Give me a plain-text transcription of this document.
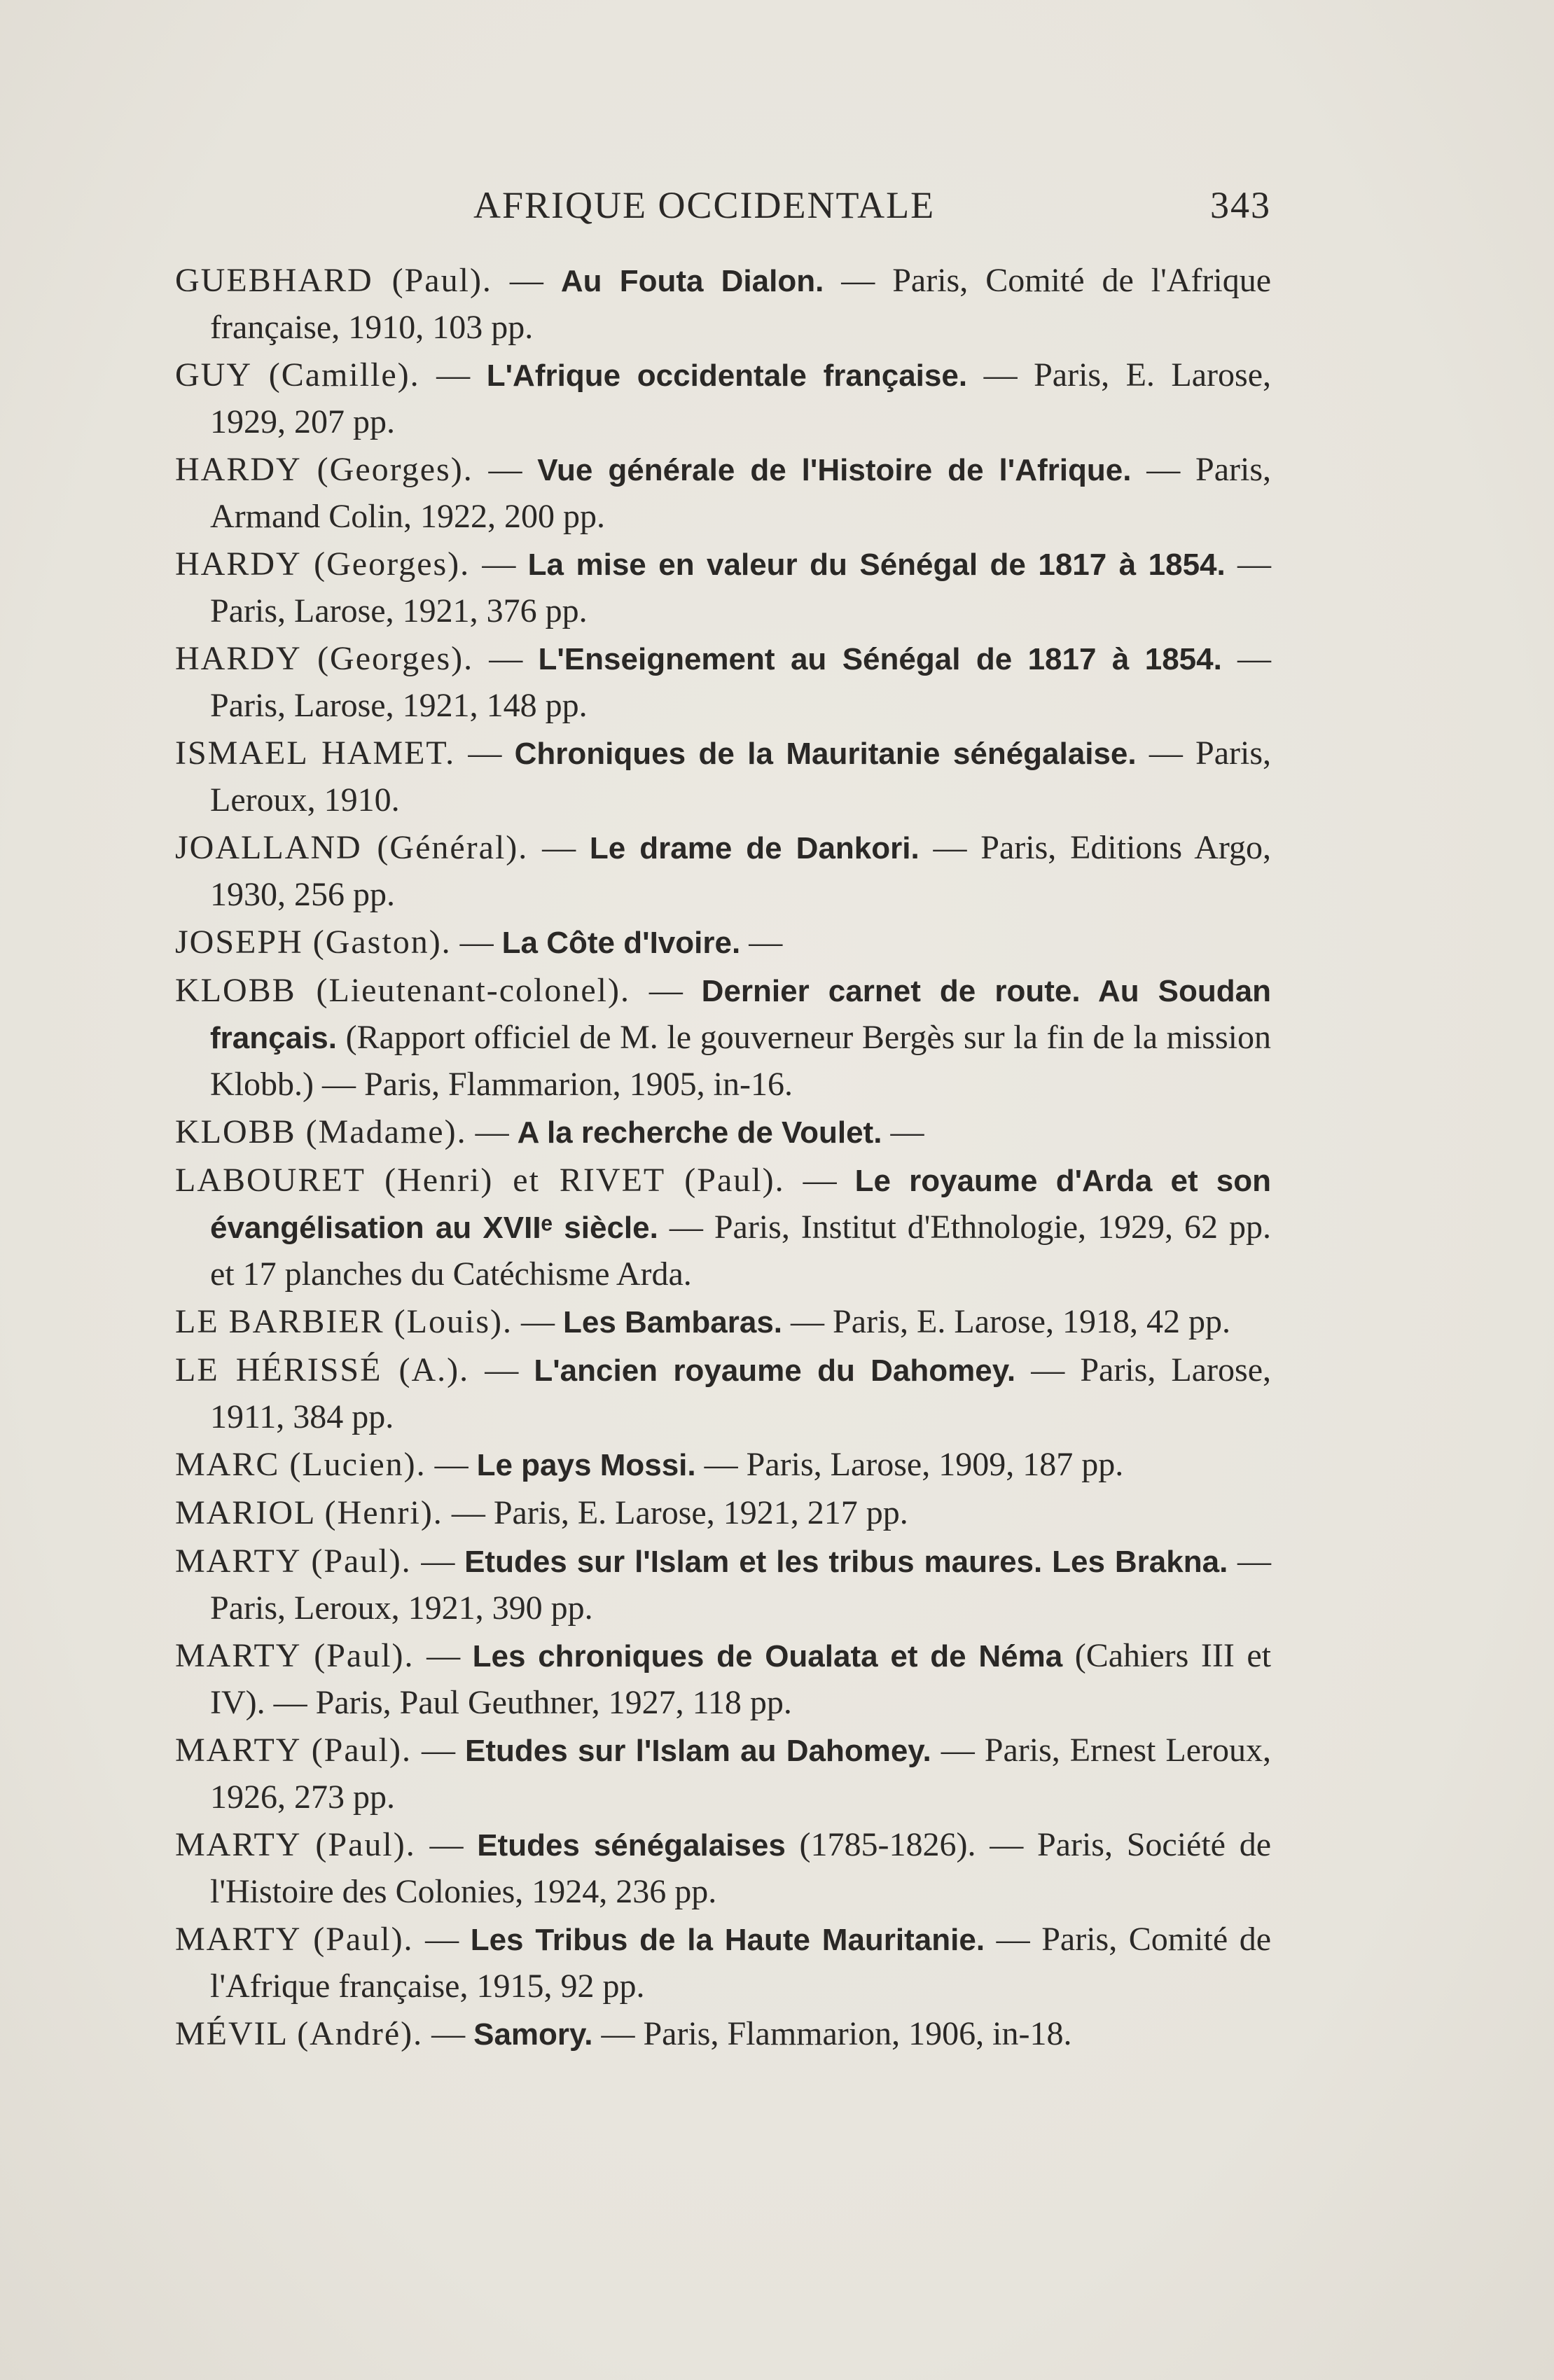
AFRIQUE OCCIDENTALE	343
GUEBHARD (Paul). — Au Fouta Dialon. — Paris, Comité de l'Afrique française, 1910, 103 pp.
GUY (Camille). — L'Afrique occidentale française. — Paris, E. Larose, 1929, 207 pp.
HARDY (Georges). — Vue générale de l'Histoire de l'Afrique. — Paris, Armand Colin, 1922, 200 pp.
HARDY (Georges). — La mise en valeur du Sénégal de 1817 à 1854. — Paris, Larose, 1921, 376 pp.
HARDY (Georges). — L'Enseignement au Sénégal de 1817 à 1854. — Paris, Larose, 1921, 148 pp.
ISMAEL HAMET. — Chroniques de la Mauritanie sénégalaise. — Paris, Leroux, 1910.
JOALLAND (Général). — Le drame de Dankori. — Paris, Editions Argo, 1930, 256 pp.
JOSEPH (Gaston). — La Côte d'Ivoire. —
KLOBB (Lieutenant-colonel). — Dernier carnet de route. Au Soudan français. (Rapport officiel de M. le gouverneur Bergès sur la fin de la mission Klobb.) — Paris, Flammarion, 1905, in-16.
KLOBB (Madame). — A la recherche de Voulet. —
LABOURET (Henri) et RIVET (Paul). — Le royaume d'Arda et son évangélisation au XVIIᵉ siècle. — Paris, Institut d'Ethnologie, 1929, 62 pp. et 17 planches du Catéchisme Arda.
LE BARBIER (Louis). — Les Bambaras. — Paris, E. Larose, 1918, 42 pp.
LE HÉRISSÉ (A.). — L'ancien royaume du Dahomey. — Paris, Larose, 1911, 384 pp.
MARC (Lucien). — Le pays Mossi. — Paris, Larose, 1909, 187 pp.
MARIOL (Henri). — Paris, E. Larose, 1921, 217 pp.
MARTY (Paul). — Etudes sur l'Islam et les tribus maures. Les Brakna. — Paris, Leroux, 1921, 390 pp.
MARTY (Paul). — Les chroniques de Oualata et de Néma (Cahiers III et IV). — Paris, Paul Geuthner, 1927, 118 pp.
MARTY (Paul). — Etudes sur l'Islam au Dahomey. — Paris, Ernest Leroux, 1926, 273 pp.
MARTY (Paul). — Etudes sénégalaises (1785-1826). — Paris, Société de l'Histoire des Colonies, 1924, 236 pp.
MARTY (Paul). — Les Tribus de la Haute Mauritanie. — Paris, Comité de l'Afrique française, 1915, 92 pp.
MÉVIL (André). — Samory. — Paris, Flammarion, 1906, in-18.
